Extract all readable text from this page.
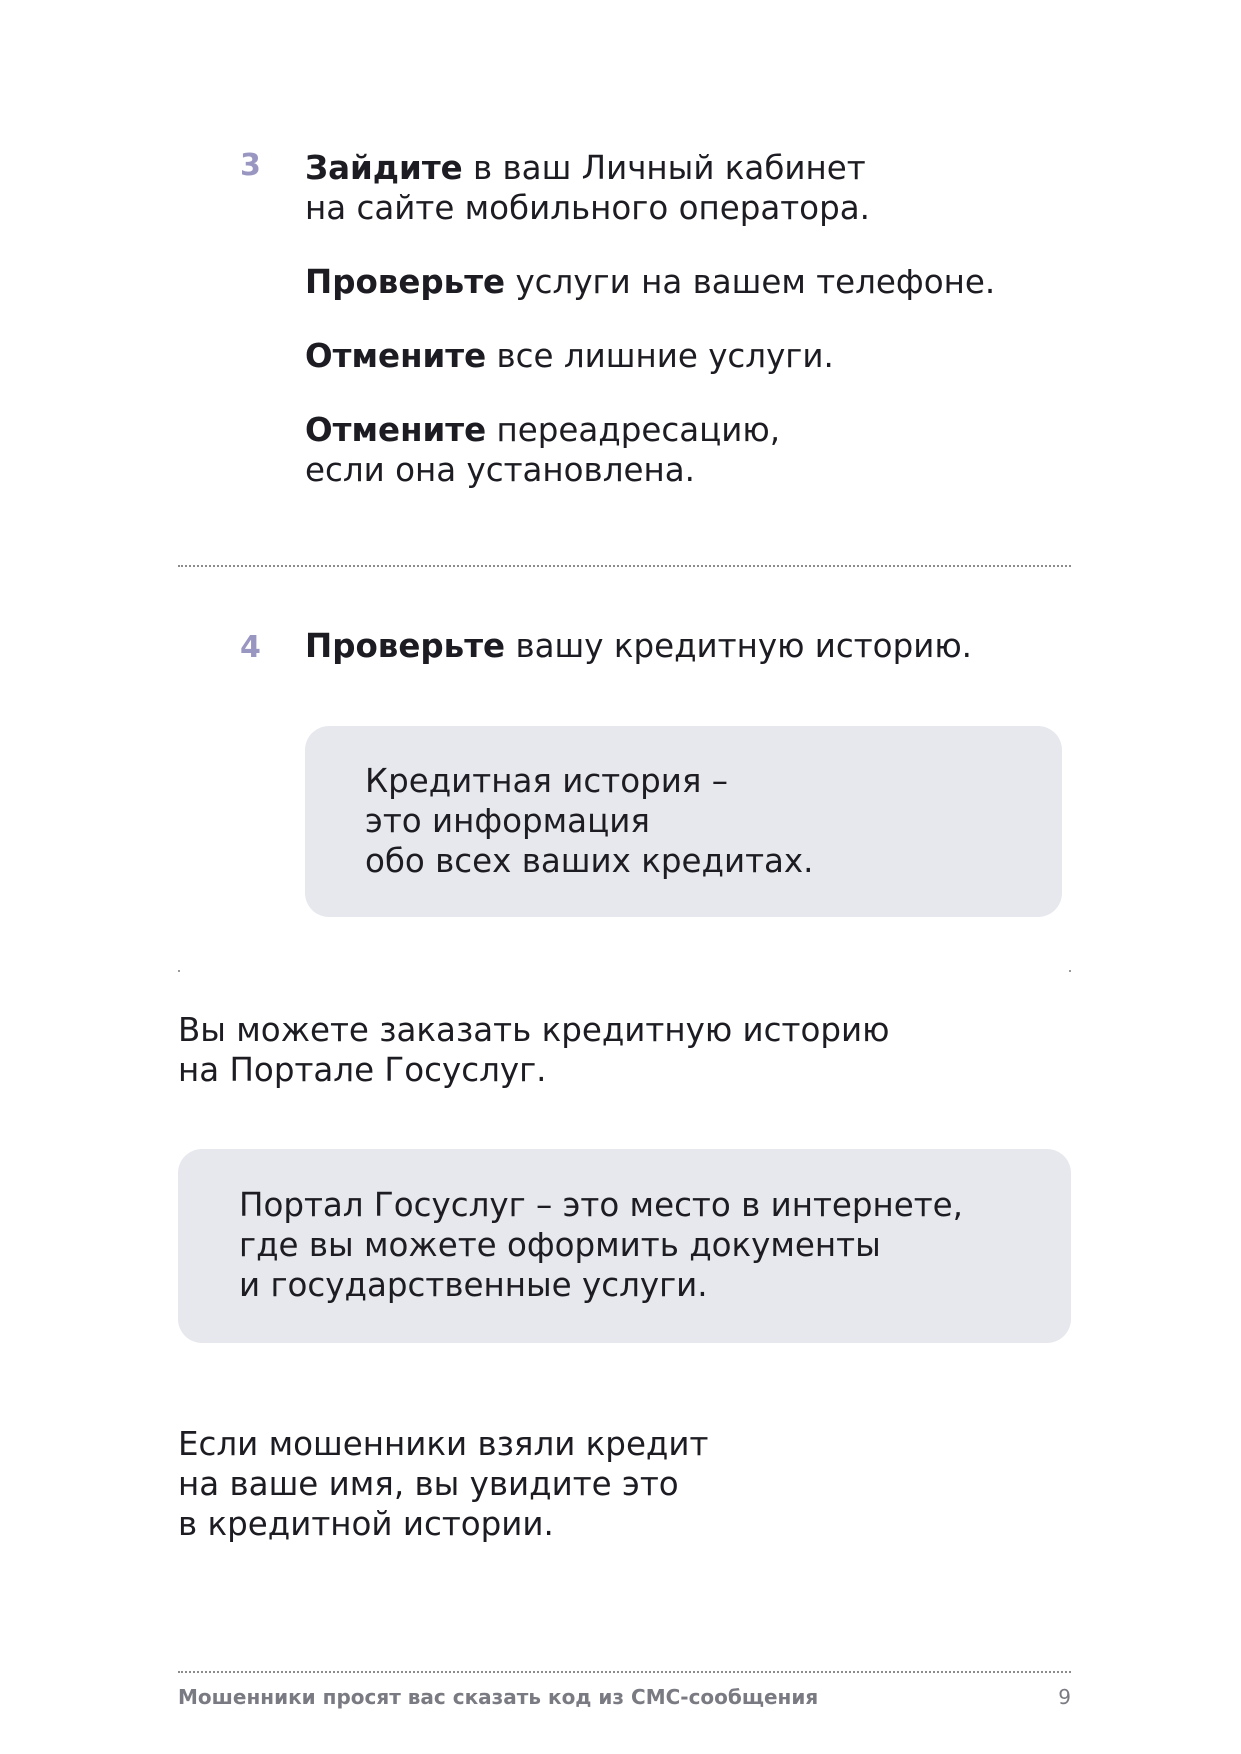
3	Зайдите в ваш Личный кабинет
на сайте мобильного оператора.

Проверьте услуги на вашем телефоне.

Отмените все лишние услуги.

Отмените переадресацию,
если она установлена.

4	Проверьте вашу кредитную историю.

Кредитная история –
это информация
обо всех ваших кредитах.
Вы можете заказать кредитную историю
на Портале Госуслуг.
Портал Госуслуг – это место в интернете,
где вы можете оформить документы
и государственные услуги.
Если мошенники взяли кредит
на ваше имя, вы увидите это
в кредитной истории.
Мошенники просят вас сказать код из СМС-сообщения	9
